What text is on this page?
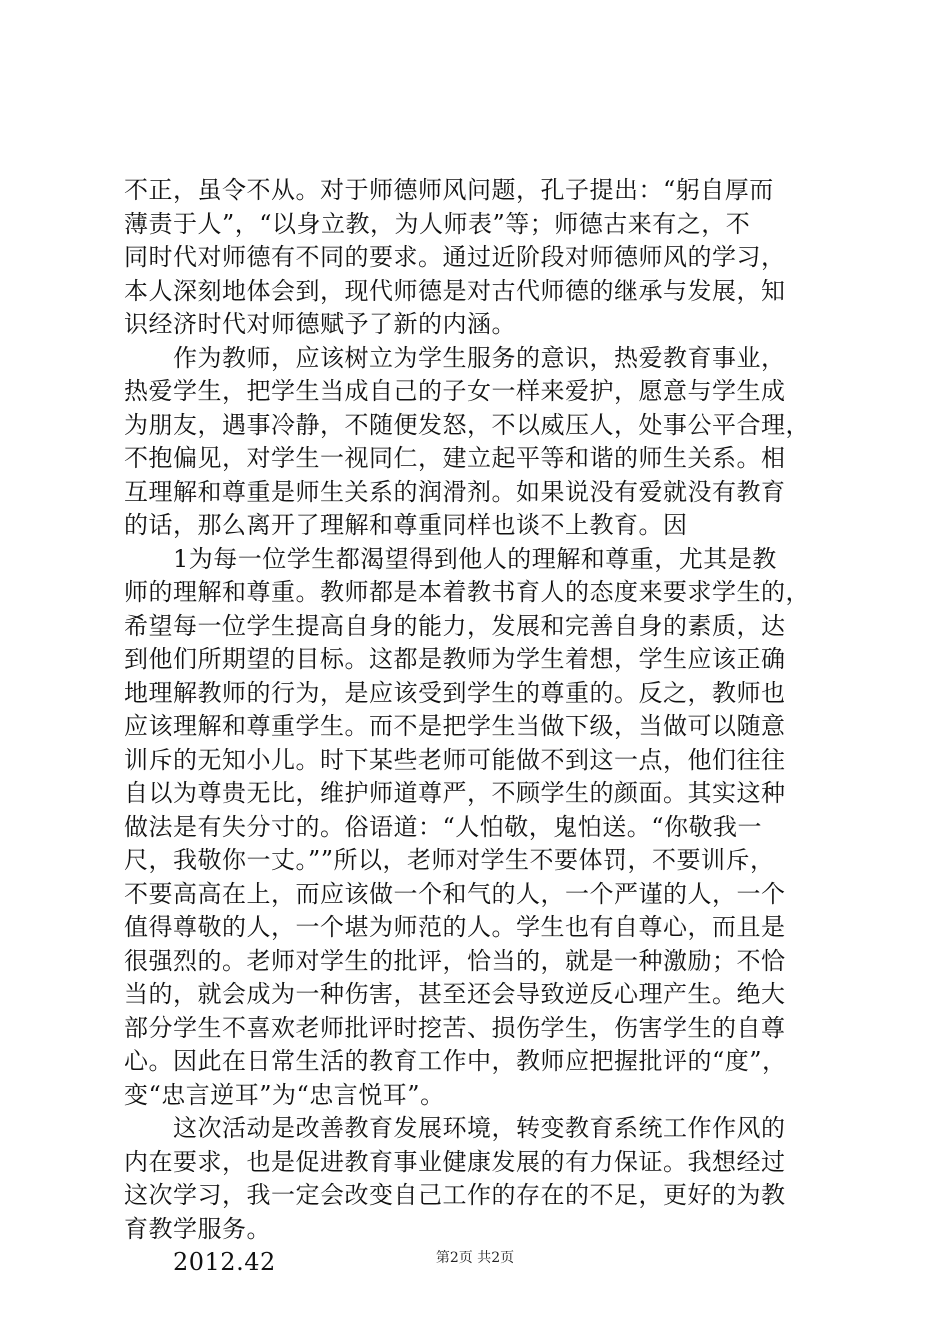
不正，虽令不从。对于师德师风问题，孔子提出：“躬自厚而
薄责于人”，“以身立教，为人师表”等；师德古来有之，不
同时代对师德有不同的要求。通过近阶段对师德师风的学习，
本人深刻地体会到，现代师德是对古代师德的继承与发展，知
识经济时代对师德赋予了新的内涵。
　　作为教师，应该树立为学生服务的意识，热爱教育事业，
热爱学生，把学生当成自己的子女一样来爱护，愿意与学生成
为朋友，遇事冷静，不随便发怒，不以威压人，处事公平合理，
不抱偏见，对学生一视同仁，建立起平等和谐的师生关系。相
互理解和尊重是师生关系的润滑剂。如果说没有爱就没有教育
的话，那么离开了理解和尊重同样也谈不上教育。因
　　1为每一位学生都渴望得到他人的理解和尊重，尤其是教
师的理解和尊重。教师都是本着教书育人的态度来要求学生的，
希望每一位学生提高自身的能力，发展和完善自身的素质，达
到他们所期望的目标。这都是教师为学生着想，学生应该正确
地理解教师的行为，是应该受到学生的尊重的。反之，教师也
应该理解和尊重学生。而不是把学生当做下级，当做可以随意
训斥的无知小儿。时下某些老师可能做不到这一点，他们往往
自以为尊贵无比，维护师道尊严，不顾学生的颜面。其实这种
做法是有失分寸的。俗语道：“人怕敬，鬼怕送。“你敬我一
尺，我敬你一丈。””所以，老师对学生不要体罚，不要训斥，
不要高高在上，而应该做一个和气的人，一个严谨的人，一个
值得尊敬的人，一个堪为师范的人。学生也有自尊心，而且是
很强烈的。老师对学生的批评，恰当的，就是一种激励；不恰
当的，就会成为一种伤害，甚至还会导致逆反心理产生。绝大
部分学生不喜欢老师批评时挖苦、损伤学生，伤害学生的自尊
心。因此在日常生活的教育工作中，教师应把握批评的“度”，
变“忠言逆耳”为“忠言悦耳”。
　　这次活动是改善教育发展环境，转变教育系统工作作风的
内在要求，也是促进教育事业健康发展的有力保证。我想经过
这次学习，我一定会改变自己工作的存在的不足，更好的为教
育教学服务。
　　2012.42	第2页 共2页
